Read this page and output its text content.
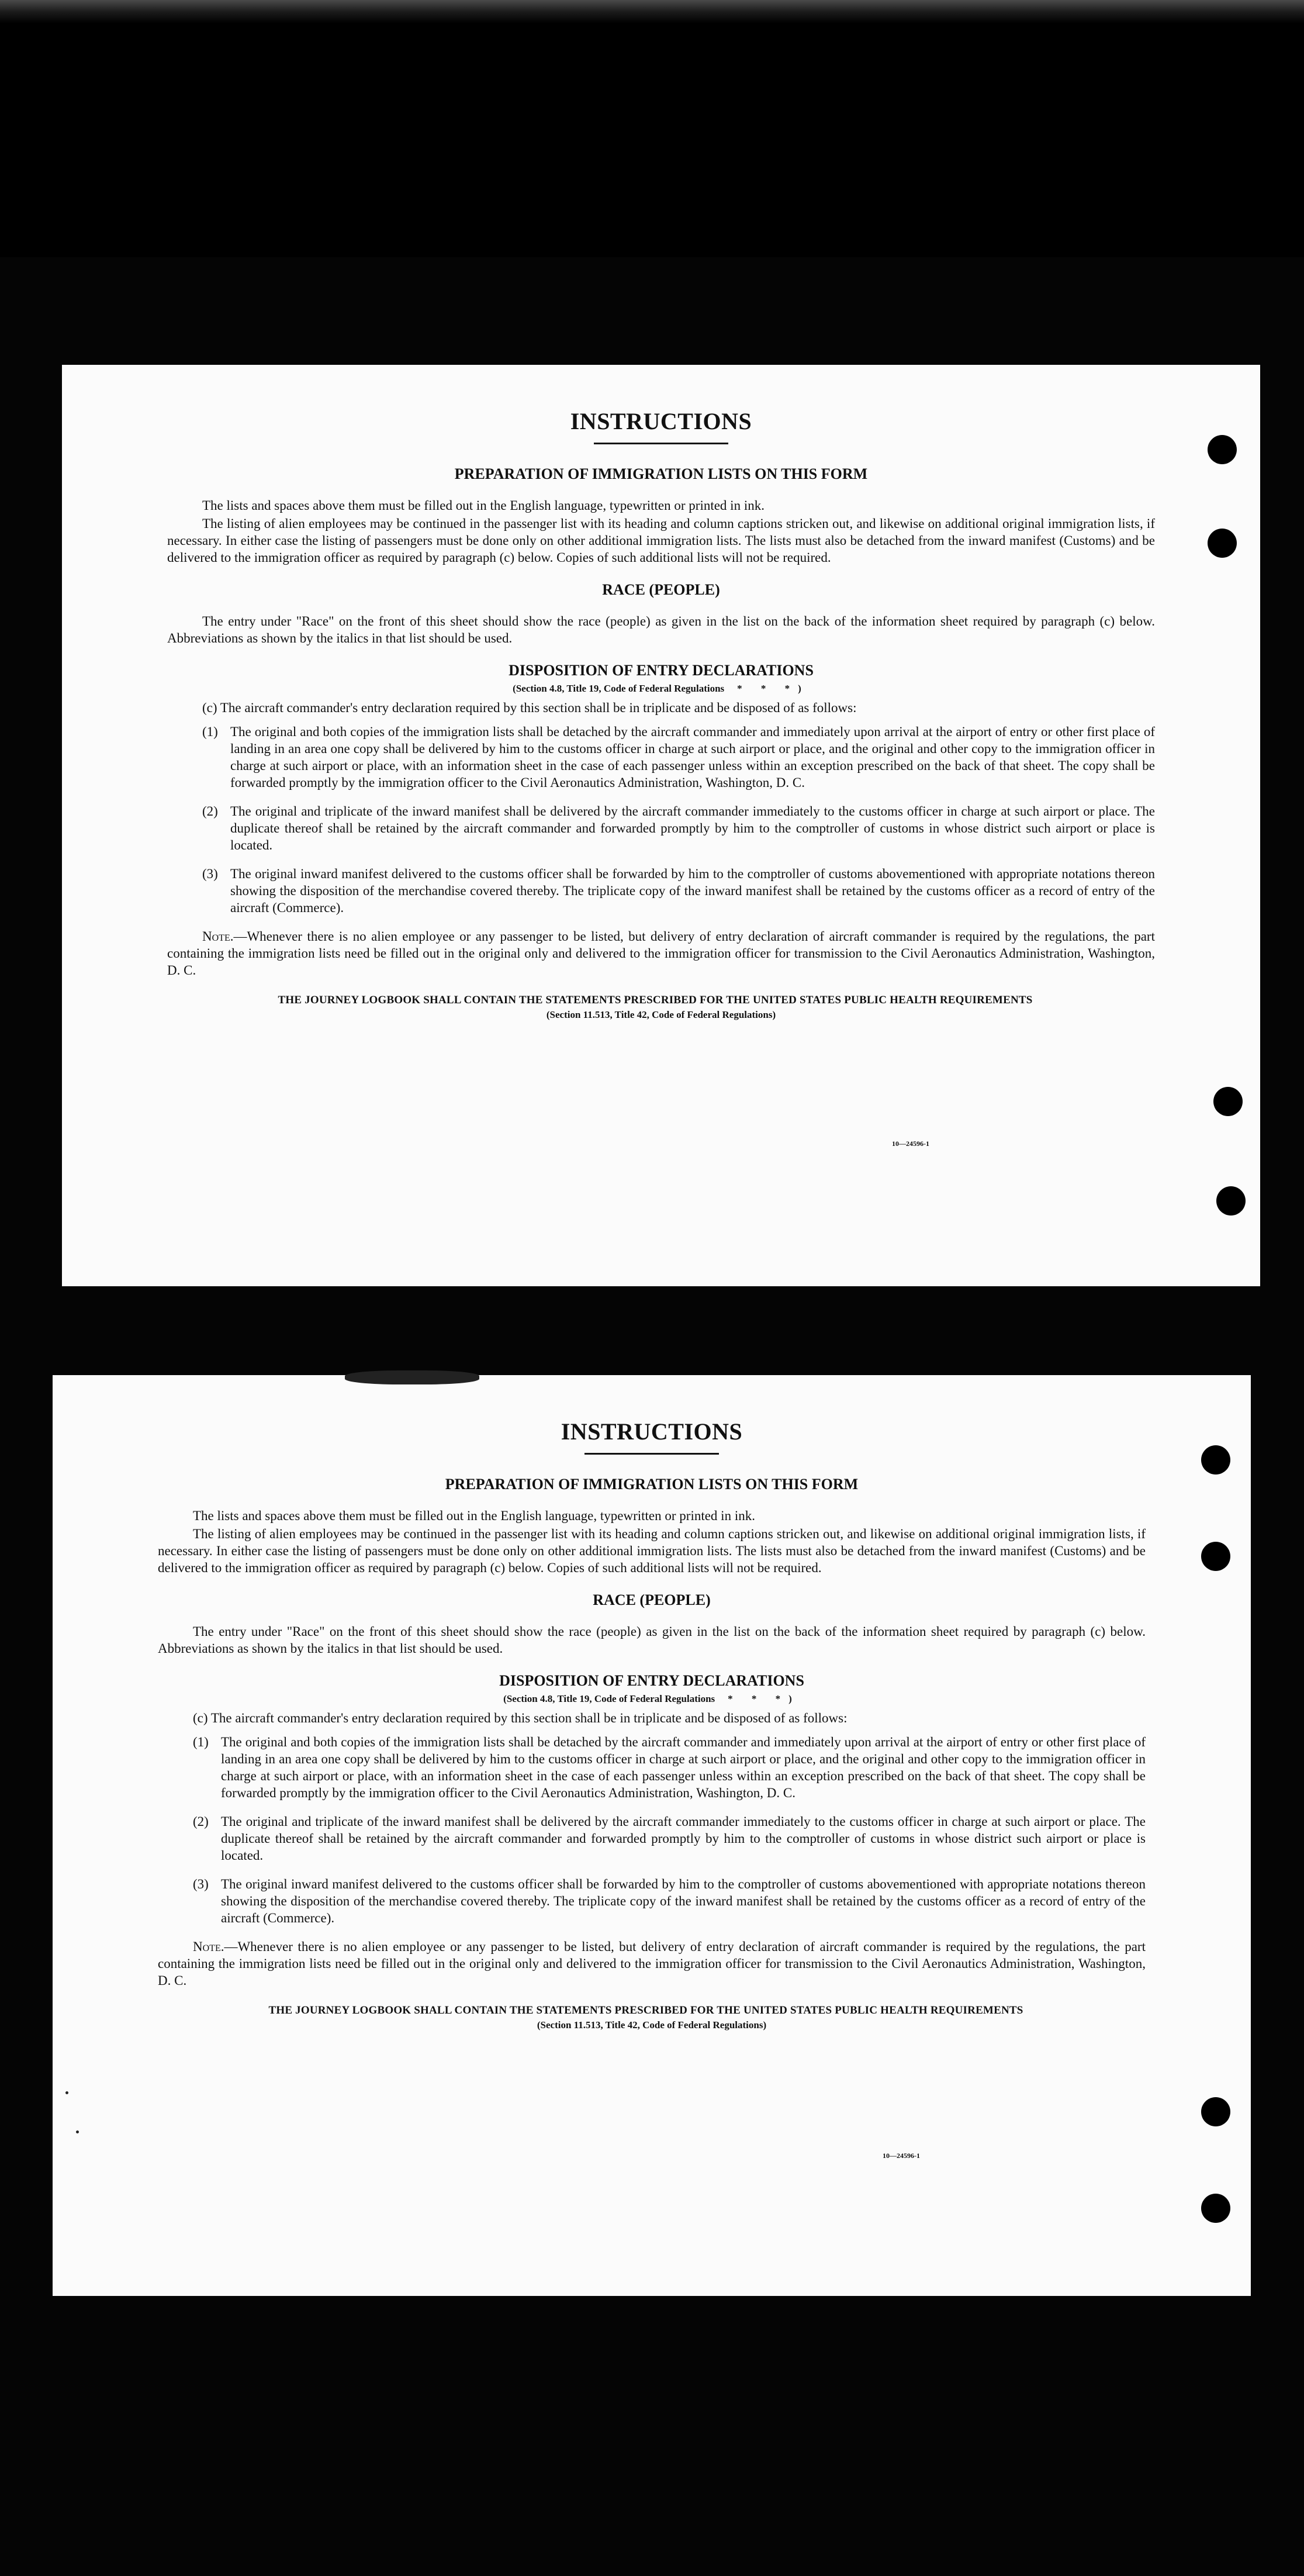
INSTRUCTIONS
PREPARATION OF IMMIGRATION LISTS ON THIS FORM

The lists and spaces above them must be filled out in the English language, typewritten or printed in ink.

The listing of alien employees may be continued in the passenger list with its heading and column captions stricken out, and likewise on additional original immigration lists, if necessary. In either case the listing of passengers must be done only on other additional immigration lists. The lists must also be detached from the inward manifest (Customs) and be delivered to the immigration officer as required by paragraph (c) below. Copies of such additional lists will not be required.

RACE (PEOPLE)

The entry under "Race" on the front of this sheet should show the race (people) as given in the list on the back of the information sheet required by paragraph (c) below. Abbreviations as shown by the italics in that list should be used.

DISPOSITION OF ENTRY DECLARATIONS
(Section 4.8, Title 19, Code of Federal Regulations * * *)

(c) The aircraft commander's entry declaration required by this section shall be in triplicate and be disposed of as follows:

(1) The original and both copies of the immigration lists shall be detached by the aircraft commander and immediately upon arrival at the airport of entry or other first place of landing in an area one copy shall be delivered by him to the customs officer in charge at such airport or place, and the original and other copy to the immigration officer in charge at such airport or place, with an information sheet in the case of each passenger unless within an exception prescribed on the back of that sheet. The copy shall be forwarded promptly by the immigration officer to the Civil Aeronautics Administration, Washington, D. C.
(2) The original and triplicate of the inward manifest shall be delivered by the aircraft commander immediately to the customs officer in charge at such airport or place. The duplicate thereof shall be retained by the aircraft commander and forwarded promptly by him to the comptroller of customs in whose district such airport or place is located.
(3) The original inward manifest delivered to the customs officer shall be forwarded by him to the comptroller of customs abovementioned with appropriate notations thereon showing the disposition of the merchandise covered thereby. The triplicate copy of the inward manifest shall be retained by the customs officer as a record of entry of the aircraft (Commerce).

Note.—Whenever there is no alien employee or any passenger to be listed, but delivery of entry declaration of aircraft commander is required by the regulations, the part containing the immigration lists need be filled out in the original only and delivered to the immigration officer for transmission to the Civil Aeronautics Administration, Washington, D. C.

THE JOURNEY LOGBOOK SHALL CONTAIN THE STATEMENTS PRESCRIBED FOR THE UNITED STATES PUBLIC HEALTH REQUIREMENTS
(Section 11.513, Title 42, Code of Federal Regulations)
10—24596-1
INSTRUCTIONS
PREPARATION OF IMMIGRATION LISTS ON THIS FORM

The lists and spaces above them must be filled out in the English language, typewritten or printed in ink.

The listing of alien employees may be continued in the passenger list with its heading and column captions stricken out, and likewise on additional original immigration lists, if necessary. In either case the listing of passengers must be done only on other additional immigration lists. The lists must also be detached from the inward manifest (Customs) and be delivered to the immigration officer as required by paragraph (c) below. Copies of such additional lists will not be required.

RACE (PEOPLE)

The entry under "Race" on the front of this sheet should show the race (people) as given in the list on the back of the information sheet required by paragraph (c) below. Abbreviations as shown by the italics in that list should be used.

DISPOSITION OF ENTRY DECLARATIONS
(Section 4.8, Title 19, Code of Federal Regulations * * *)

(c) The aircraft commander's entry declaration required by this section shall be in triplicate and be disposed of as follows:

(1) The original and both copies of the immigration lists shall be detached by the aircraft commander and immediately upon arrival at the airport of entry or other first place of landing in an area one copy shall be delivered by him to the customs officer in charge at such airport or place, and the original and other copy to the immigration officer in charge at such airport or place, with an information sheet in the case of each passenger unless within an exception prescribed on the back of that sheet. The copy shall be forwarded promptly by the immigration officer to the Civil Aeronautics Administration, Washington, D. C.
(2) The original and triplicate of the inward manifest shall be delivered by the aircraft commander immediately to the customs officer in charge at such airport or place. The duplicate thereof shall be retained by the aircraft commander and forwarded promptly by him to the comptroller of customs in whose district such airport or place is located.
(3) The original inward manifest delivered to the customs officer shall be forwarded by him to the comptroller of customs abovementioned with appropriate notations thereon showing the disposition of the merchandise covered thereby. The triplicate copy of the inward manifest shall be retained by the customs officer as a record of entry of the aircraft (Commerce).

Note.—Whenever there is no alien employee or any passenger to be listed, but delivery of entry declaration of aircraft commander is required by the regulations, the part containing the immigration lists need be filled out in the original only and delivered to the immigration officer for transmission to the Civil Aeronautics Administration, Washington, D. C.

THE JOURNEY LOGBOOK SHALL CONTAIN THE STATEMENTS PRESCRIBED FOR THE UNITED STATES PUBLIC HEALTH REQUIREMENTS
(Section 11.513, Title 42, Code of Federal Regulations)
10—24596-1
